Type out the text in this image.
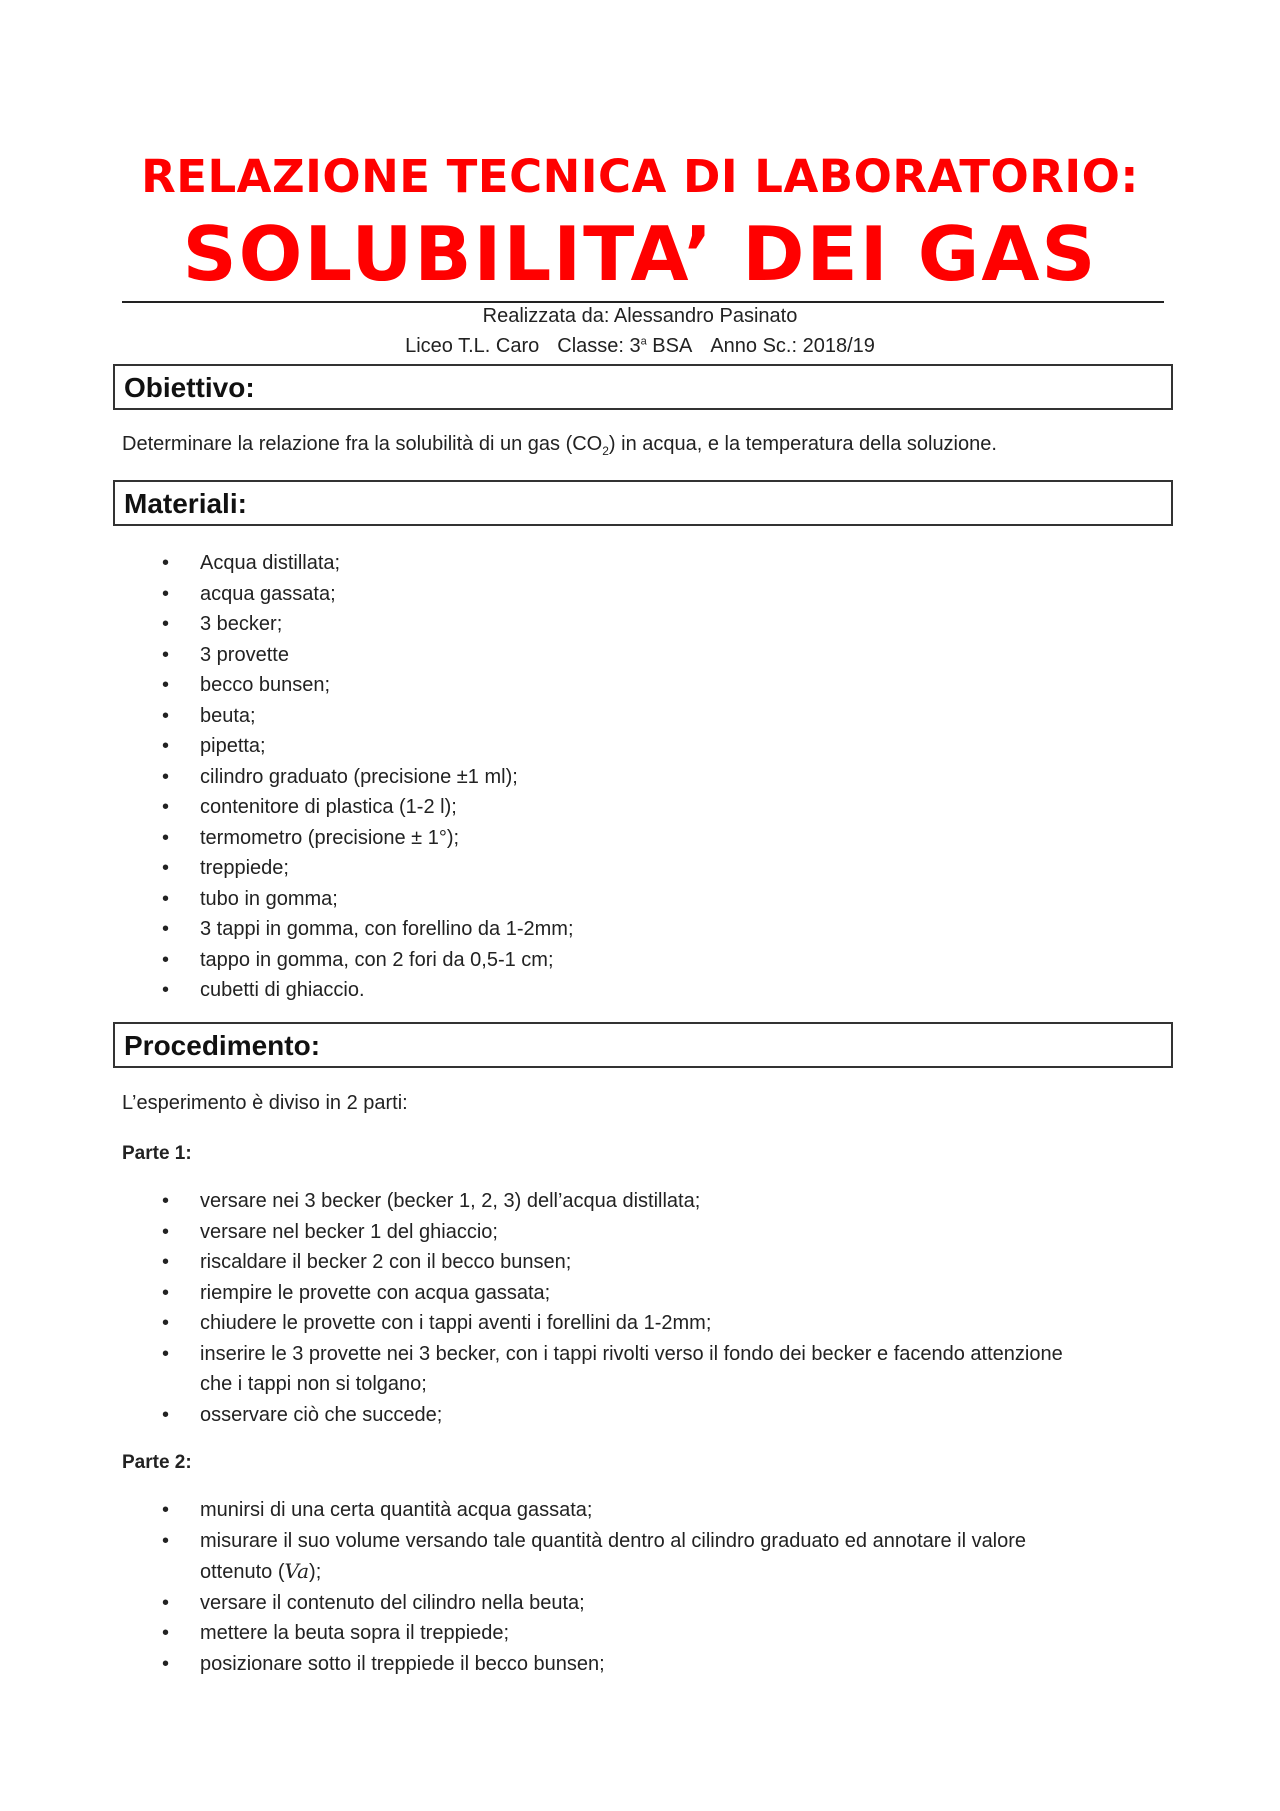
RELAZIONE TECNICA DI LABORATORIO:
SOLUBILITA’ DEI GAS
Realizzata da: Alessandro Pasinato
Liceo T.L. Caro Classe: 3$^a$ BSA Anno Sc.: 2018/19
Obiettivo:
Determinare la relazione fra la solubilità di un gas $(CO_2)$ in acqua, e la temperatura della soluzione.
Materiali:
• Acqua distillata;
• acqua gassata;
• 3 becker;
• 3 provette
• becco bunsen;
• beuta;
• pipetta;
• cilindro graduato (precisione ±1 ml);
• contenitore di plastica (1-2 l);
• termometro (precisione ± 1°);
• treppiede;
• tubo in gomma;
• 3 tappi in gomma, con forellino da 1-2mm;
• tappo in gomma, con 2 fori da 0,5-1 cm;
• cubetti di ghiaccio.
Procedimento:
L’esperimento è diviso in 2 parti:
Parte 1:
• versare nei 3 becker (becker 1, 2, 3) dell’acqua distillata;
• versare nel becker 1 del ghiaccio;
• riscaldare il becker 2 con il becco bunsen;
• riempire le provette con acqua gassata;
• chiudere le provette con i tappi aventi i forellini da 1-2mm;
• inserire le 3 provette nei 3 becker, con i tappi rivolti verso il fondo dei becker e facendo attenzione
che i tappi non si tolgano;
• osservare ciò che succede;
Parte 2:
• munirsi di una certa quantità acqua gassata;
• misurare il suo volume versando tale quantità dentro al cilindro graduato ed annotare il valore
ottenuto (Va);
• versare il contenuto del cilindro nella beuta;
• mettere la beuta sopra il treppiede;
• posizionare sotto il treppiede il becco bunsen;
